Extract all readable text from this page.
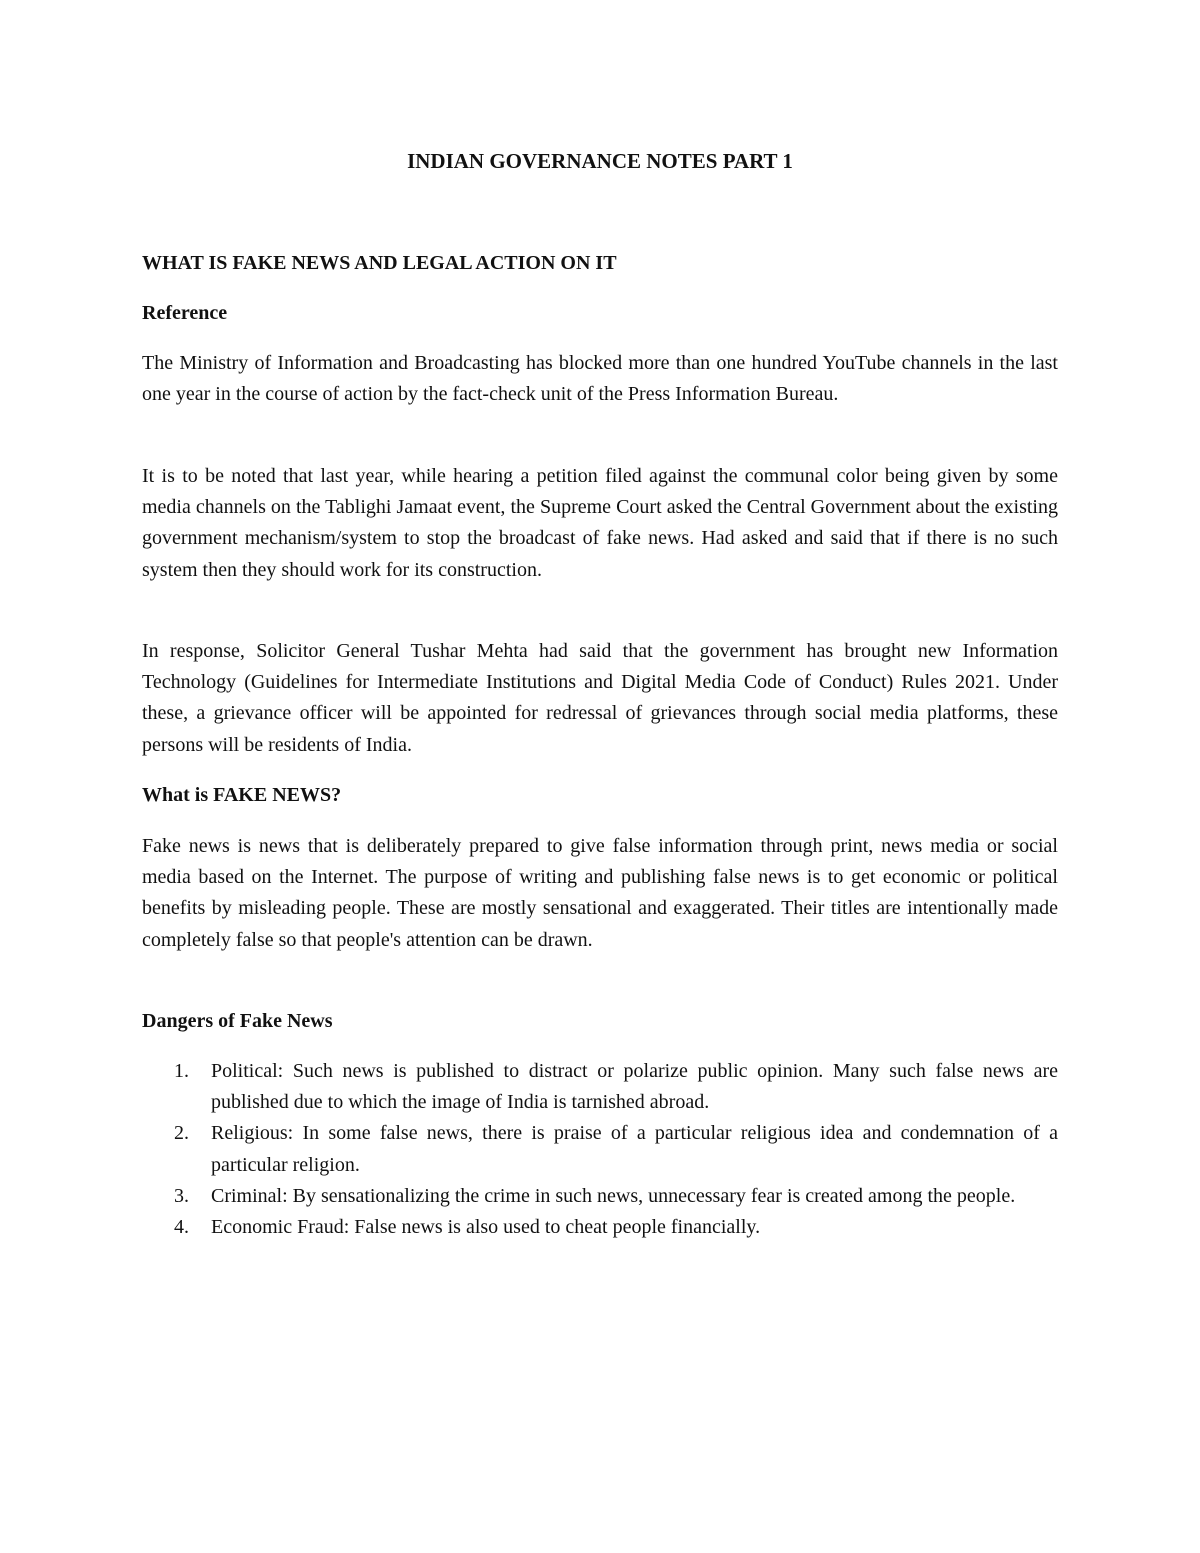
INDIAN GOVERNANCE NOTES PART 1

WHAT IS FAKE NEWS AND LEGAL ACTION ON IT

Reference

The Ministry of Information and Broadcasting has blocked more than one hundred YouTube channels in the last one year in the course of action by the fact-check unit of the Press Information Bureau.

It is to be noted that last year, while hearing a petition filed against the communal color being given by some media channels on the Tablighi Jamaat event, the Supreme Court asked the Central Government about the existing government mechanism/system to stop the broadcast of fake news. Had asked and said that if there is no such system then they should work for its construction.

In response, Solicitor General Tushar Mehta had said that the government has brought new Information Technology (Guidelines for Intermediate Institutions and Digital Media Code of Conduct) Rules 2021. Under these, a grievance officer will be appointed for redressal of grievances through social media platforms, these persons will be residents of India.

What is FAKE NEWS?

Fake news is news that is deliberately prepared to give false information through print, news media or social media based on the Internet. The purpose of writing and publishing false news is to get economic or political benefits by misleading people. These are mostly sensational and exaggerated. Their titles are intentionally made completely false so that people's attention can be drawn.

Dangers of Fake News

1. Political: Such news is published to distract or polarize public opinion. Many such false news are published due to which the image of India is tarnished abroad.
2. Religious: In some false news, there is praise of a particular religious idea and condemnation of a particular religion.
3. Criminal: By sensationalizing the crime in such news, unnecessary fear is created among the people.
4. Economic Fraud: False news is also used to cheat people financially.
